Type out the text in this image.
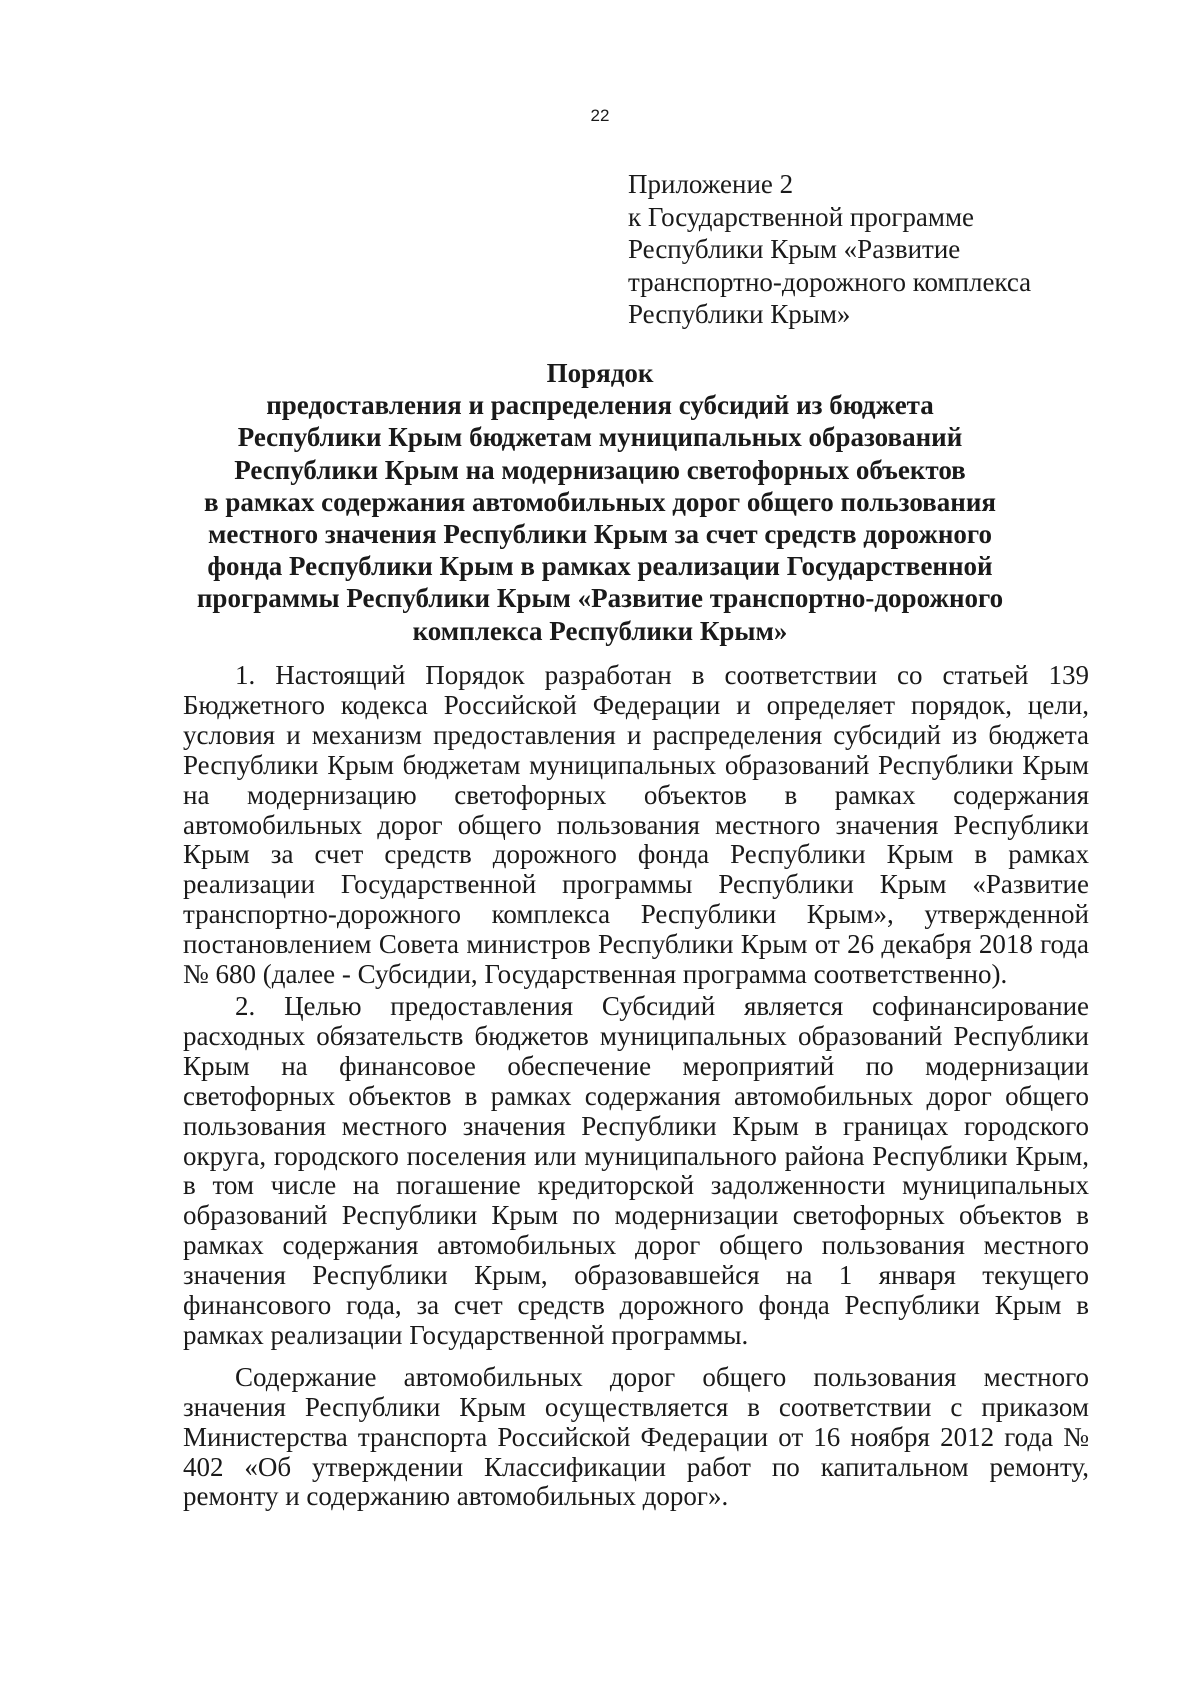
22
Приложение 2
к Государственной программе
Республики Крым «Развитие
транспортно-дорожного комплекса
Республики Крым»
Порядок
предоставления и распределения субсидий из бюджета
Республики Крым бюджетам муниципальных образований
Республики Крым на модернизацию светофорных объектов
в рамках содержания автомобильных дорог общего пользования
местного значения Республики Крым за счет средств дорожного
фонда Республики Крым в рамках реализации Государственной
программы Республики Крым «Развитие транспортно-дорожного
комплекса Республики Крым»

1. Настоящий Порядок разработан в соответствии со статьей 139 Бюджетного кодекса Российской Федерации и определяет порядок, цели, условия и механизм предоставления и распределения субсидий из бюджета Республики Крым бюджетам муниципальных образований Республики Крым на модернизацию светофорных объектов в рамках содержания автомобильных дорог общего пользования местного значения Республики Крым за счет средств дорожного фонда Республики Крым в рамках реализации Государственной программы Республики Крым «Развитие транспортно-дорожного комплекса Республики Крым», утвержденной постановлением Совета министров Республики Крым от 26 декабря 2018 года № 680 (далее - Субсидии, Государственная программа соответственно).

2. Целью предоставления Субсидий является софинансирование расходных обязательств бюджетов муниципальных образований Республики Крым на финансовое обеспечение мероприятий по модернизации светофорных объектов в рамках содержания автомобильных дорог общего пользования местного значения Республики Крым в границах городского округа, городского поселения или муниципального района Республики Крым, в том числе на погашение кредиторской задолженности муниципальных образований Республики Крым по модернизации светофорных объектов в рамках содержания автомобильных дорог общего пользования местного значения Республики Крым, образовавшейся на 1 января текущего финансового года, за счет средств дорожного фонда Республики Крым в рамках реализации Государственной программы.

Содержание автомобильных дорог общего пользования местного значения Республики Крым осуществляется в соответствии с приказом Министерства транспорта Российской Федерации от 16 ноября 2012 года № 402 «Об утверждении Классификации работ по капитальном ремонту, ремонту и содержанию автомобильных дорог».
